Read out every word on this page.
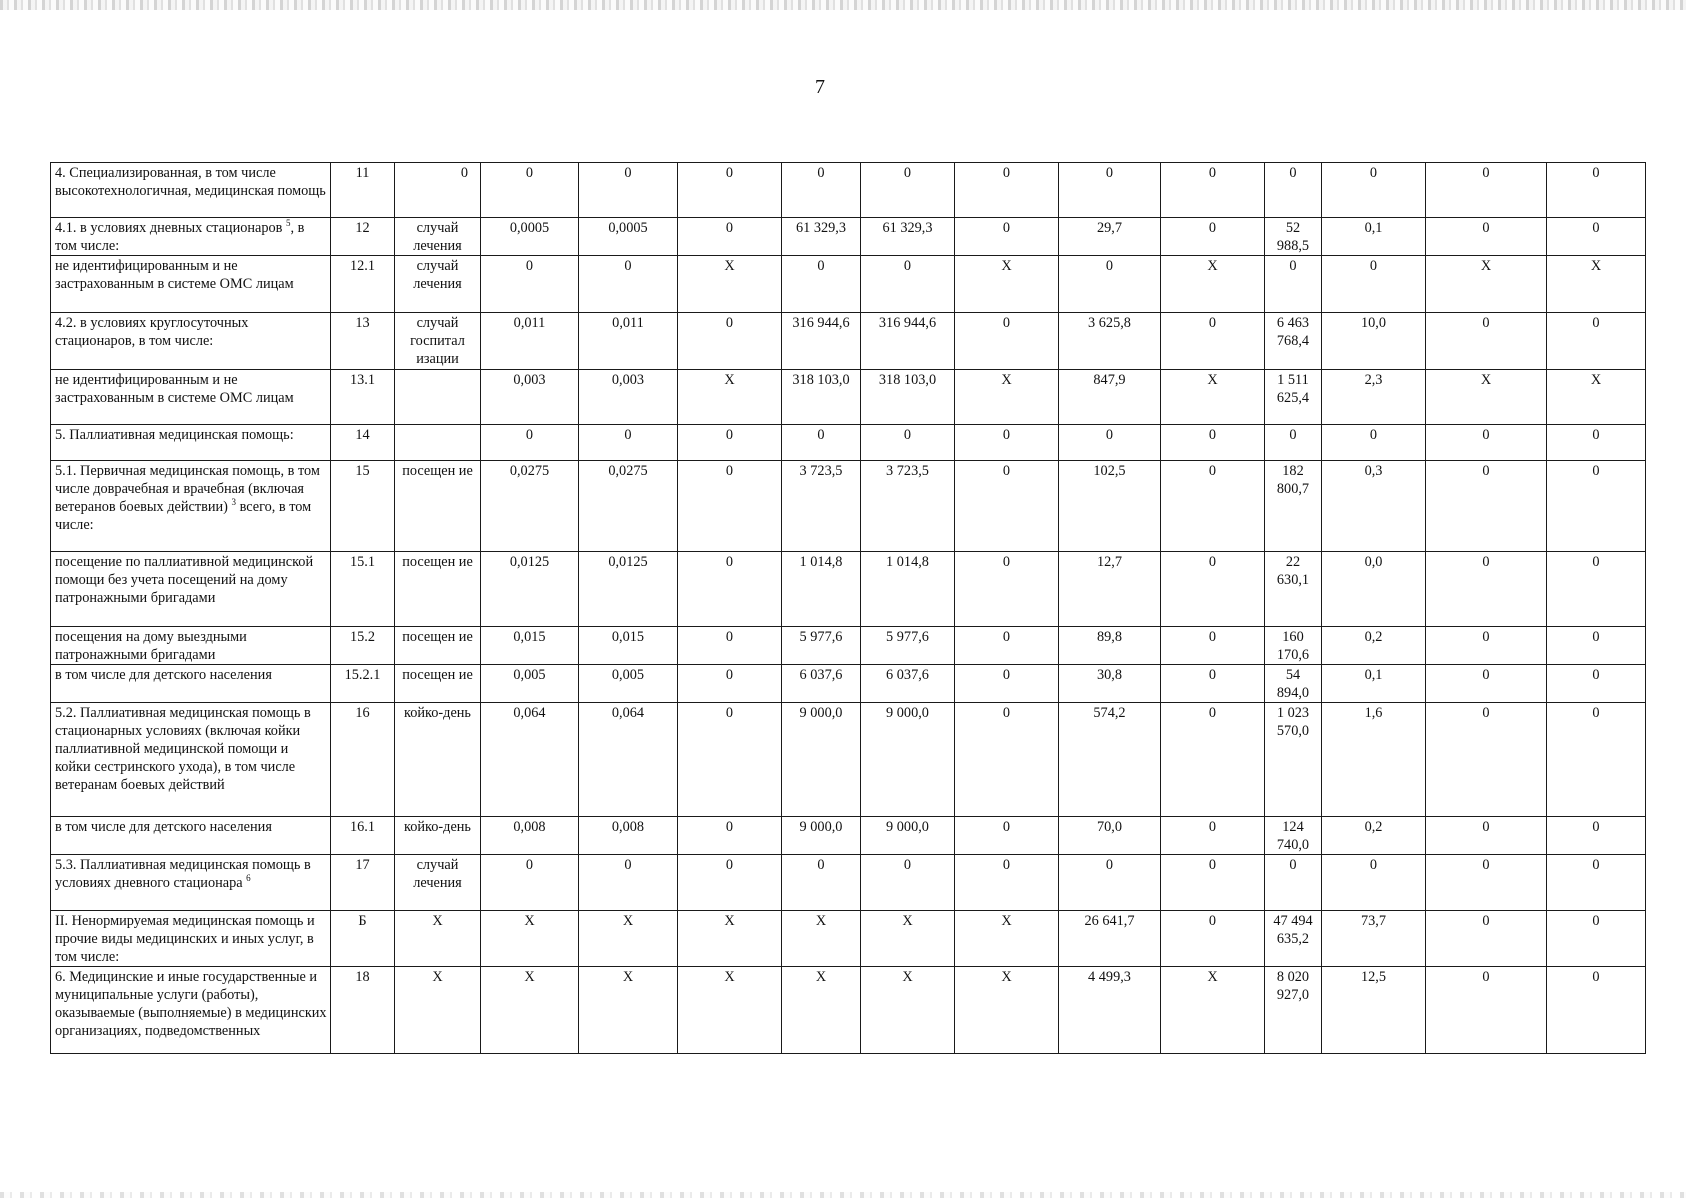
7
4. Специализированная, в том числе высокотехнологичная, медицинская помощь	11	0	0	0	0	0	0	0	0	0	0	0	0	0
4.1. в условиях дневных стационаров $^5$, в том числе:	12	случай лечения	0,0005	0,0005	0	61 329,3	61 329,3	0	29,7	0	52 988,5	0,1	0	0
не идентифицированным и не застрахованным в системе ОМС лицам	12.1	случай лечения	0	0	X	0	0	X	0	X	0	0	X	X
4.2. в условиях круглосуточных стационаров, в том числе:	13	случай госпитал изации	0,011	0,011	0	316 944,6	316 944,6	0	3 625,8	0	6 463 768,4	10,0	0	0
не идентифицированным и не застрахованным в системе ОМС лицам	13.1		0,003	0,003	X	318 103,0	318 103,0	X	847,9	X	1 511 625,4	2,3	X	X
5. Паллиативная медицинская помощь:	14		0	0	0	0	0	0	0	0	0	0	0	0
5.1. Первичная медицинская помощь, в том числе доврачебная и врачебная (включая ветеранов боевых действии) $^3$ всего, в том числе:	15	посещен ие	0,0275	0,0275	0	3 723,5	3 723,5	0	102,5	0	182 800,7	0,3	0	0
посещение по паллиативной медицинской помощи без учета посещений на дому патронажными бригадами	15.1	посещен ие	0,0125	0,0125	0	1 014,8	1 014,8	0	12,7	0	22 630,1	0,0	0	0
посещения на дому выездными патронажными бригадами	15.2	посещен ие	0,015	0,015	0	5 977,6	5 977,6	0	89,8	0	160 170,6	0,2	0	0
в том числе для детского населения	15.2.1	посещен ие	0,005	0,005	0	6 037,6	6 037,6	0	30,8	0	54 894,0	0,1	0	0
5.2. Паллиативная медицинская помощь в стационарных условиях (включая койки паллиативной медицинской помощи и койки сестринского ухода), в том числе ветеранам боевых действий	16	койко-день	0,064	0,064	0	9 000,0	9 000,0	0	574,2	0	1 023 570,0	1,6	0	0
в том числе для детского населения	16.1	койко-день	0,008	0,008	0	9 000,0	9 000,0	0	70,0	0	124 740,0	0,2	0	0
5.3. Паллиативная медицинская помощь в условиях дневного стационара $^6$	17	случай лечения	0	0	0	0	0	0	0	0	0	0	0	0
II. Ненормируемая медицинская помощь и прочие виды медицинских и иных услуг, в том числе:	Б	X	X	X	X	X	X	X	26 641,7	0	47 494 635,2	73,7	0	0
6. Медицинские и иные государственные и муниципальные услуги (работы), оказываемые (выполняемые) в медицинских организациях, подведомственных	18	X	X	X	X	X	X	X	4 499,3	X	8 020 927,0	12,5	0	0
